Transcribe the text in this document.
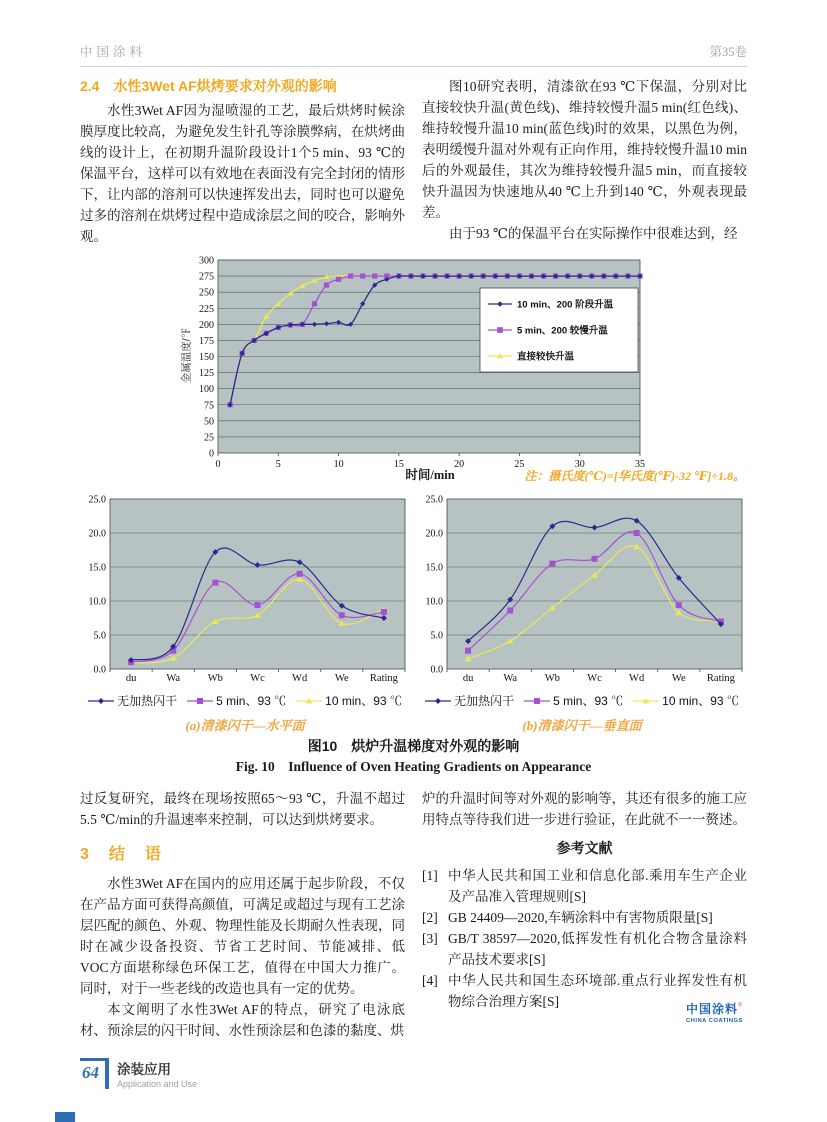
中国涂料	第35卷

2.4　水性3Wet AF烘烤要求对外观的影响

水性3Wet AF因为湿喷湿的工艺，最后烘烤时候涂膜厚度比较高，为避免发生针孔等涂膜弊病，在烘烤曲线的设计上，在初期升温阶段设计1个5 min、93 ℃的保温平台，这样可以有效地在表面没有完全封闭的情形下，让内部的溶剂可以快速挥发出去，同时也可以避免过多的溶剂在烘烤过程中造成涂层之间的咬合，影响外观。

图10研究表明，清漆欲在93 ℃下保温，分别对比直接较快升温(黄色线)、维持较慢升温5 min(红色线)、维持较慢升温10 min(蓝色线)时的效果，以黑色为例，表明缓慢升温对外观有正向作用，维持较慢升温10 min后的外观最佳，其次为维持较慢升温5 min，而直接较快升温因为快速地从40 ℃上升到140 ℃，外观表现最差。

由于93 ℃的保温平台在实际操作中很难达到，经

金属温度/℉
0
25
50
75
100
125
150
175
200
225
250
275
300
0	5	10	15	20	25	30	35
10 min、200 阶段升温
5 min、200 较慢升温
直接较快升温
时间/min	注：摄氏度(℃)=[华氏度(℉)-32 ℉]÷1.8。
0.0
5.0
10.0
15.0
20.0
25.0
du	Wa	Wb	Wc	Wd	We Rating
无加热闪干	5 min、93 ℃	10 min、93 ℃
(a)清漆闪干—水平面
0.0
5.0
10.0
15.0
20.0
25.0
du	Wa	Wb	Wc	Wd	We Rating
无加热闪干	5 min、93 ℃	10 min、93 ℃
(b)清漆闪干—垂直面
图10　烘炉升温梯度对外观的影响
Fig. 10　Influence of Oven Heating Gradients on Appearance

过反复研究，最终在现场按照65～93 ℃，升温不超过5.5 ℃/min的升温速率来控制，可以达到烘烤要求。

3　结　语

水性3Wet AF在国内的应用还属于起步阶段，不仅在产品方面可获得高颜值，可满足或超过与现有工艺涂层匹配的颜色、外观、物理性能及长期耐久性表现，同时在减少设备投资、节省工艺时间、节能减排、低VOC方面堪称绿色环保工艺，值得在中国大力推广。同时，对于一些老线的改造也具有一定的优势。

本文阐明了水性3Wet AF的特点，研究了电泳底材、预涂层的闪干时间、水性预涂层和色漆的黏度、烘

炉的升温时间等对外观的影响等，其还有很多的施工应用特点等待我们进一步进行验证，在此就不一一赘述。

参考文献

[1] 中华人民共和国工业和信息化部.乘用车生产企业及产品准入管理规则[S]
[2] GB 24409—2020,车辆涂料中有害物质限量[S]
[3] GB/T 38597—2020,低挥发性有机化合物含量涂料产品技术要求[S]
[4] 中华人民共和国生态环境部.重点行业挥发性有机物综合治理方案[S]	中国涂料®
CHINA COATINGS
64	涂装应用
Application and Use
